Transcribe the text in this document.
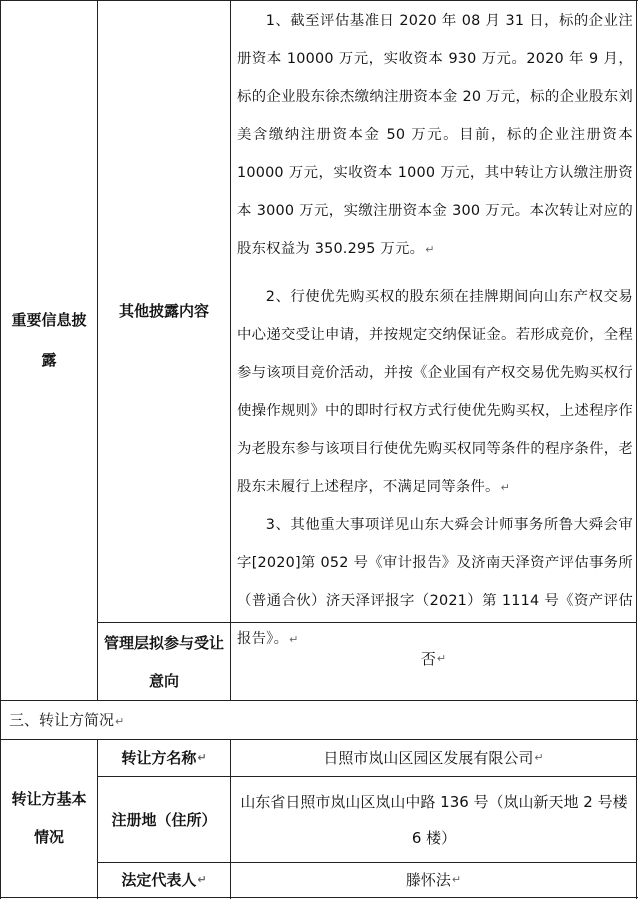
重要信息披露
其他披露内容
1、截至评估基准日 2020 年 08 月 31 日，标的企业注册资本 10000 万元，实收资本 930 万元。2020 年 9 月，标的企业股东徐杰缴纳注册资本金 20 万元，标的企业股东刘美含缴纳注册资本金 50 万元。目前，标的企业注册资本 10000 万元，实收资本 1000 万元，其中转让方认缴注册资本 3000 万元，实缴注册资本金 300 万元。本次转让对应的股东权益为 350.295 万元。↵
2、行使优先购买权的股东须在挂牌期间向山东产权交易中心递交受让申请，并按规定交纳保证金。若形成竞价，全程参与该项目竞价活动，并按《企业国有产权交易优先购买权行使操作规则》中的即时行权方式行使优先购买权，上述程序作为老股东参与该项目行使优先购买权同等条件的程序条件，老股东未履行上述程序，不满足同等条件。↵
3、其他重大事项详见山东大舜会计师事务所鲁大舜会审字[2020]第 052 号《审计报告》及济南天泽资产评估事务所（普通合伙）济天泽评报字（2021）第 1114 号《资产评估报告》。↵
管理层拟参与受让意向
否 ↵
三、转让方简况↵
转让方基本情况
转让方名称 ↵	日照市岚山区园区发展有限公司 ↵
注册地（住所）
山东省日照市岚山区岚山中路 136 号（岚山新天地 2 号楼 6 楼）
法定代表人 ↵	滕怀法 ↵
